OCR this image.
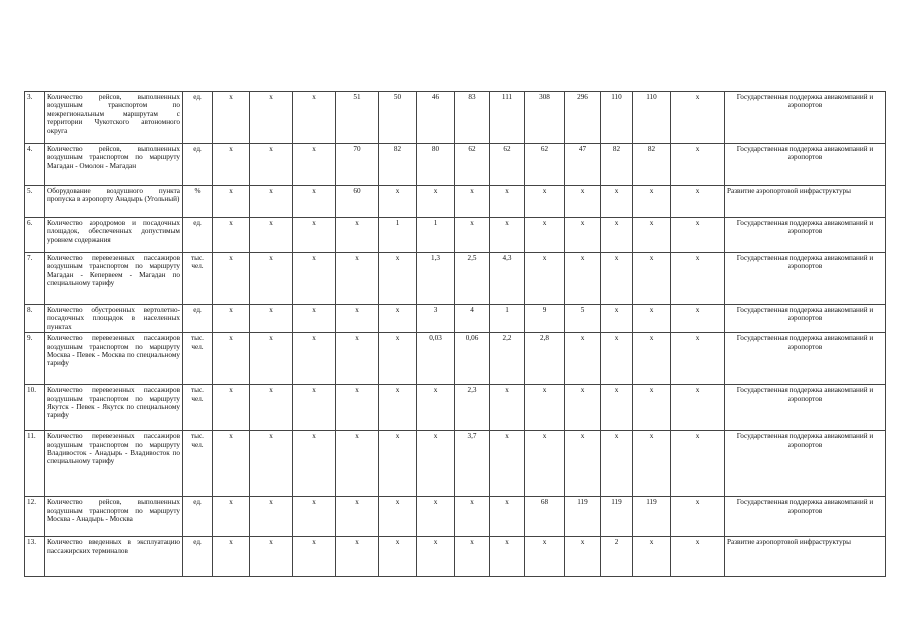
3.	Количество рейсов, выполненных воздушным транспортом по межрегиональным маршрутам с территории Чукотского автономного округа	ед.	х	х	х	51	50	46	83	111	308	296	110	110	х	Государственная поддержка авиакомпаний и аэропортов
4.	Количество рейсов, выполненных воздушным транспортом по маршруту Магадан - Омолон - Магадан	ед.	х	х	х	70	82	80	62	62	62	47	82	82	х	Государственная поддержка авиакомпаний и аэропортов
5.	Оборудование воздушного пункта пропуска в аэропорту Анадырь (Угольный)	%	х	х	х	60	х	х	х	х	х	х	х	х	х	Развитие аэропортовой инфраструктуры
6.	Количество аэродромов и посадочных площадок, обеспеченных допустимым уровнем содержания	ед.	х	х	х	х	1	1	х	х	х	х	х	х	х	Государственная поддержка авиакомпаний и аэропортов
7.	Количество перевезенных пассажиров воздушным транспортом по маршруту Магадан - Кепервеем - Магадан по специальному тарифу	тыс. чел.	х	х	х	х	х	1,3	2,5	4,3	х	х	х	х	х	Государственная поддержка авиакомпаний и аэропортов
8.	Количество обустроенных вертолетно-посадочных площадок в населенных пунктах	ед.	х	х	х	х	х	3	4	1	9	5	х	х	х	Государственная поддержка авиакомпаний и аэропортов
9.	Количество перевезенных пассажиров воздушным транспортом по маршруту Москва - Певек - Москва по специальному тарифу	тыс. чел.	х	х	х	х	х	0,03	0,06	2,2	2,8	х	х	х	х	Государственная поддержка авиакомпаний и аэропортов
10.	Количество перевезенных пассажиров воздушным транспортом по маршруту Якутск - Певек - Якутск по специальному тарифу	тыс. чел.	х	х	х	х	х	х	2,3	х	х	х	х	х	х	Государственная поддержка авиакомпаний и аэропортов
11.	Количество перевезенных пассажиров воздушным транспортом по маршруту Владивосток - Анадырь - Владивосток по специальному тарифу	тыс. чел.	х	х	х	х	х	х	3,7	х	х	х	х	х	х	Государственная поддержка авиакомпаний и аэропортов
12.	Количество рейсов, выполненных воздушным транспортом по маршруту Москва - Анадырь - Москва	ед.	х	х	х	х	х	х	х	х	68	119	119	119	х	Государственная поддержка авиакомпаний и аэропортов
13.	Количество введенных в эксплуатацию пассажирских терминалов	ед.	х	х	х	х	х	х	х	х	х	х	2	х	х	Развитие аэропортовой инфраструктуры
